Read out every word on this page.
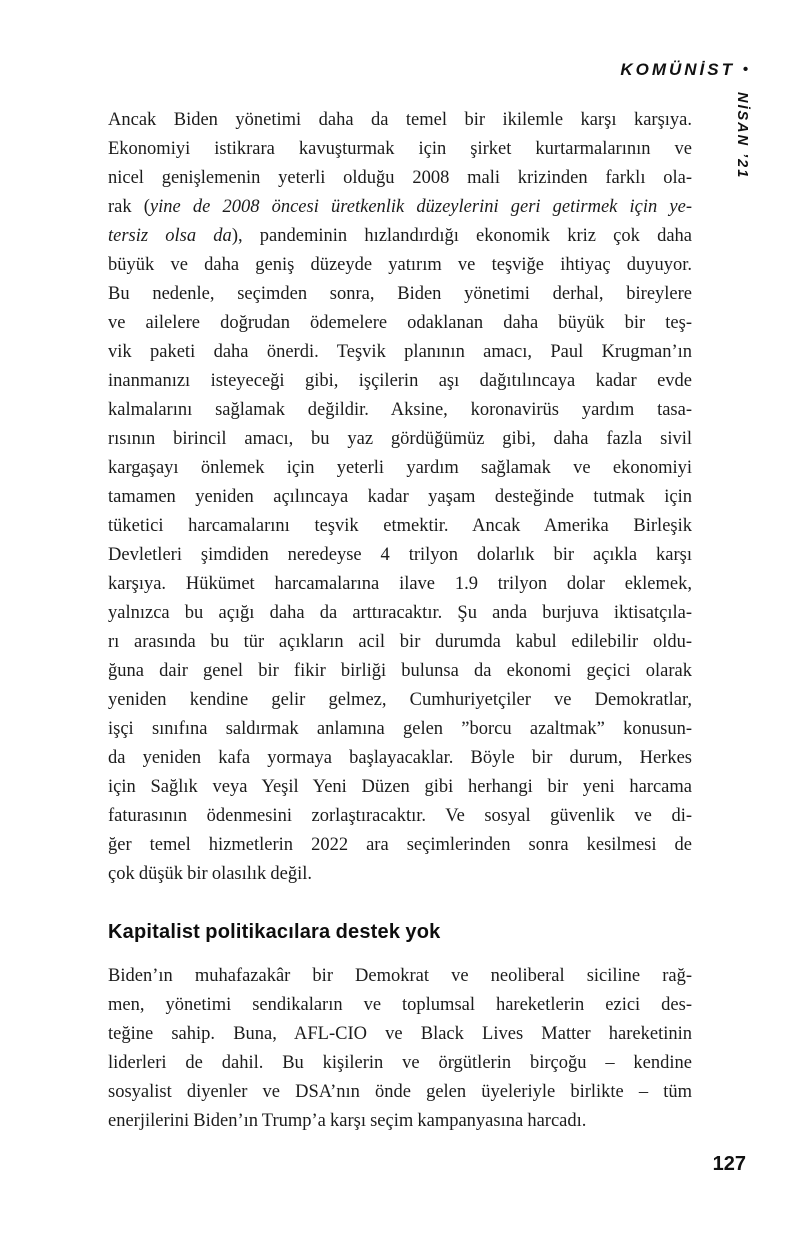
KOMÜNİST •
NİSAN ’21
Ancak Biden yönetimi daha da temel bir ikilemle karşı karşıya.
Ekonomiyi istikrara kavuşturmak için şirket kurtarmalarının ve
nicel genişlemenin yeterli olduğu 2008 mali krizinden farklı ola-
rak (yine de 2008 öncesi üretkenlik düzeylerini geri getirmek için ye-
tersiz olsa da), pandeminin hızlandırdığı ekonomik kriz çok daha
büyük ve daha geniş düzeyde yatırım ve teşviğe ihtiyaç duyuyor.
Bu nedenle, seçimden sonra, Biden yönetimi derhal, bireylere
ve ailelere doğrudan ödemelere odaklanan daha büyük bir teş-
vik paketi daha önerdi. Teşvik planının amacı, Paul Krugman’ın
inanmanızı isteyeceği gibi, işçilerin aşı dağıtılıncaya kadar evde
kalmalarını sağlamak değildir. Aksine, koronavirüs yardım tasa-
rısının birincil amacı, bu yaz gördüğümüz gibi, daha fazla sivil
kargaşayı önlemek için yeterli yardım sağlamak ve ekonomiyi
tamamen yeniden açılıncaya kadar yaşam desteğinde tutmak için
tüketici harcamalarını teşvik etmektir. Ancak Amerika Birleşik
Devletleri şimdiden neredeyse 4 trilyon dolarlık bir açıkla karşı
karşıya. Hükümet harcamalarına ilave 1.9 trilyon dolar eklemek,
yalnızca bu açığı daha da arttıracaktır. Şu anda burjuva iktisatçıla-
rı arasında bu tür açıkların acil bir durumda kabul edilebilir oldu-
ğuna dair genel bir fikir birliği bulunsa da ekonomi geçici olarak
yeniden kendine gelir gelmez, Cumhuriyetçiler ve Demokratlar,
işçi sınıfına saldırmak anlamına gelen ”borcu azaltmak” konusun-
da yeniden kafa yormaya başlayacaklar. Böyle bir durum, Herkes
için Sağlık veya Yeşil Yeni Düzen gibi herhangi bir yeni harcama
faturasının ödenmesini zorlaştıracaktır. Ve sosyal güvenlik ve di-
ğer temel hizmetlerin 2022 ara seçimlerinden sonra kesilmesi de
çok düşük bir olasılık değil.
Kapitalist politikacılara destek yok
Biden’ın muhafazakâr bir Demokrat ve neoliberal siciline rağ-
men, yönetimi sendikaların ve toplumsal hareketlerin ezici des-
teğine sahip. Buna, AFL-CIO ve Black Lives Matter hareketinin
liderleri de dahil. Bu kişilerin ve örgütlerin birçoğu – kendine
sosyalist diyenler ve DSA’nın önde gelen üyeleriyle birlikte – tüm
enerjilerini Biden’ın Trump’a karşı seçim kampanyasına harcadı.
127
